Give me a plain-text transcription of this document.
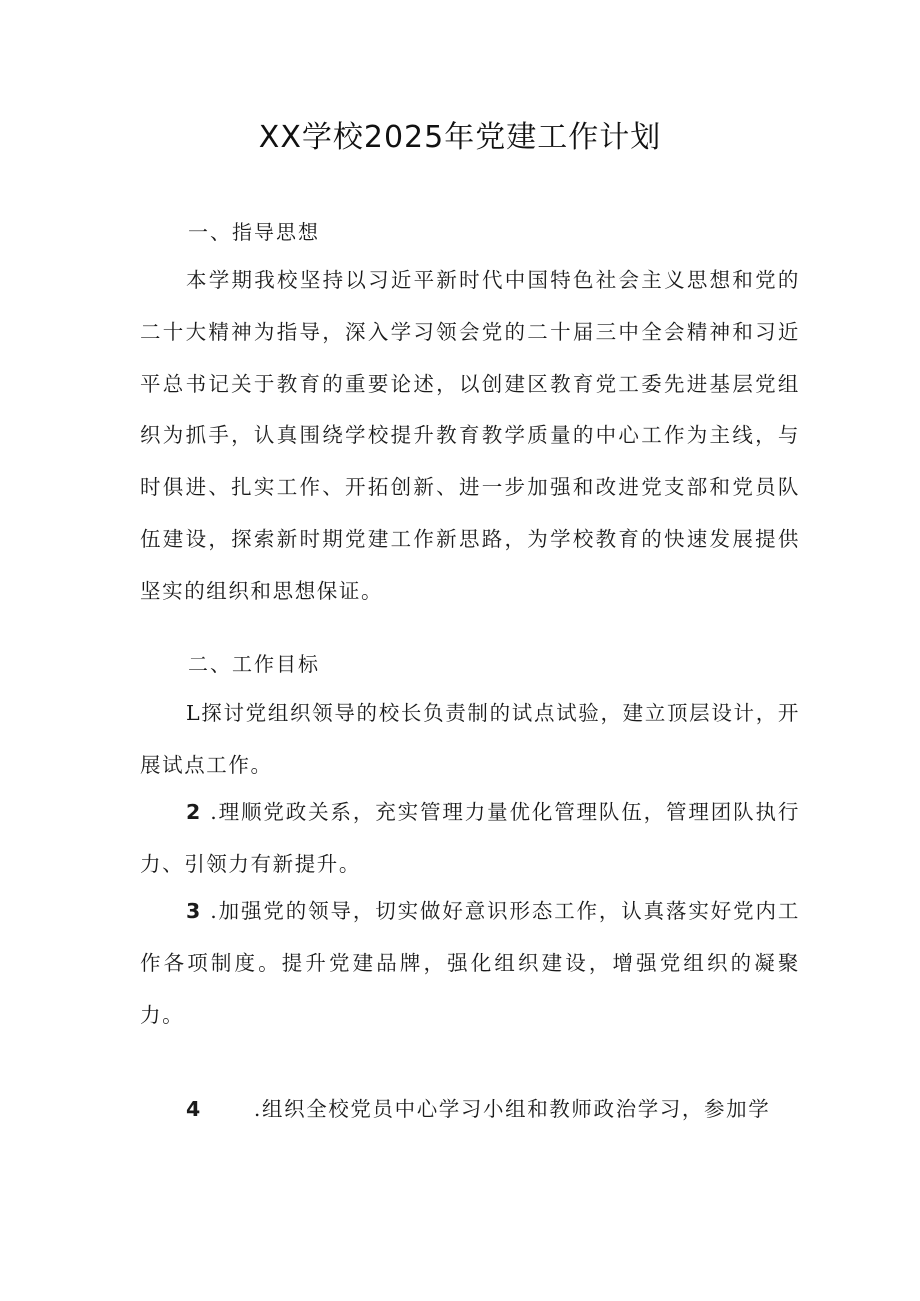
XX学校2025年党建工作计划
一、指导思想
本学期我校坚持以习近平新时代中国特色社会主义思想和党的二十大精神为指导，深入学习领会党的二十届三中全会精神和习近平总书记关于教育的重要论述，以创建区教育党工委先进基层党组织为抓手，认真围绕学校提升教育教学质量的中心工作为主线，与时俱进、扎实工作、开拓创新、进一步加强和改进党支部和党员队伍建设，探索新时期党建工作新思路，为学校教育的快速发展提供坚实的组织和思想保证。
二、工作目标
L探讨党组织领导的校长负责制的试点试验，建立顶层设计，开展试点工作。
2 .理顺党政关系，充实管理力量优化管理队伍，管理团队执行力、引领力有新提升。
3 .加强党的领导，切实做好意识形态工作，认真落实好党内工作各项制度。提升党建品牌，强化组织建设，增强党组织的凝聚力。
4	.组织全校党员中心学习小组和教师政治学习，参加学
